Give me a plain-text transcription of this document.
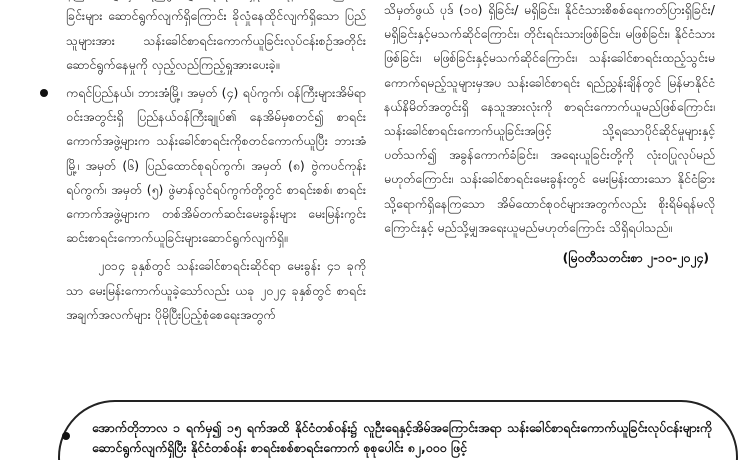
ခြင်းများ ဆောင်ရွက်လျက်ရှိကြောင်း ခိုလှုံနေထိုင်လျက်ရှိသော ပြည်သူများအား သန်းခေါင်စာရင်းကောက်ယူခြင်းလုပ်ငန်းစဉ်အတိုင်း ဆောင်ရွက်နေမှုကို လှည့်လည်ကြည့်ရှုအားပေးခဲ့။

ကရင်ပြည်နယ်၊ ဘားအံမြို့၊ အမှတ် (၄) ရပ်ကွက်၊ ဝန်ကြီးများအိမ်ရာဝင်းအတွင်းရှိ ပြည်နယ်ဝန်ကြီးချုပ်၏ နေအိမ်မှစတင်၍ စာရင်းကောက်အဖွဲ့များက သန်းခေါင်စာရင်းကိုစတင်ကောက်ယူပြီး ဘားအံမြို့၊ အမှတ် (၆) ပြည်ထောင်စုရပ်ကွက်၊ အမှတ် (၈) ဗွဲကပင်ကုန်းရပ်ကွက်၊ အမှတ် (၅) ဖွဲမာန်လွင်ရပ်ကွက်တို့တွင် စာရင်းစစ်၊ စာရင်းကောက်အဖွဲ့များက တစ်အိမ်တက်ဆင်းမေးခွန်းများ မေးမြန်းကွင်းဆင်းစာရင်းကောက်ယူခြင်းများဆောင်ရွက်လျက်ရှိ။

၂၀၁၄ ခုနှစ်တွင် သန်းခေါင်စာရင်းဆိုင်ရာ မေးခွန်း ၄၁ ခုကိုသာ မေးမြန်းကောက်ယူခဲ့သော်လည်း ယခု ၂၀၂၄ ခုနှစ်တွင် စာရင်းအချက်အလက်များ ပိုမိုပြီးပြည့်စုံစေရေးအတွက်

သိမှတ်ဖွယ် ပုဒ် (၁၀) ရှိခြင်း/ မရှိခြင်း၊ နိုင်ငံသားစိစစ်ရေးကတ်ပြားရှိခြင်း/ မရှိခြင်းနှင့်မသက်ဆိုင်ကြောင်း၊ တိုင်းရင်းသားဖြစ်ခြင်း၊ မဖြစ်ခြင်း၊ နိုင်ငံသားဖြစ်ခြင်း၊ မဖြစ်ခြင်းနှင့်မသက်ဆိုင်ကြောင်း၊ သန်းခေါင်စာရင်းထည့်သွင်းမကောက်ရမည့်သူများမှအပ သန်းခေါင်စာရင်း ရည်ညွှန်းချိန်တွင် မြန်မာနိုင်ငံနယ်နိမိတ်အတွင်းရှိ နေသူအားလုံးကို စာရင်းကောက်ယူမည်ဖြစ်ကြောင်း၊ သန်းခေါင်စာရင်းကောက်ယူခြင်းအဖြင့် သို့ရသောပိုင်ဆိုင်မှုများနှင့်ပတ်သက်၍ အခွန်ကောက်ခံခြင်း၊ အရေးယူခြင်းတို့ကို လုံးဝပြုလုပ်မည်မဟုတ်ကြောင်း၊ သန်းခေါင်စာရင်းမေးခွန်းတွင် မေးမြန်းထားသော နိုင်ငံခြားသို့ရောက်ရှိနေကြသော အိမ်ထောင်စုဝင်များအတွက်လည်း စိုးရိမ်ရန်မလိုကြောင်းနှင့် မည်သို့မျှအရေးယူမည်မဟုတ်ကြောင်း သိရှိရပါသည်။

(မြဝတီသတင်းစာ ၂-၁၀-၂၀၂၄)

အောက်တိုဘာလ ၁ ရက်မှ၍ ၁၅ ရက်အထိ နိုင်ငံတစ်ဝန်း၌ လူဦးရေနှင့်အိမ်အကြောင်းအရာ သန်းခေါင်စာရင်းကောက်ယူခြင်းလုပ်ငန်းများကို ဆောင်ရွက်လျက်ရှိပြီး နိုင်ငံတစ်ဝန်း စာရင်းစစ်စာရင်းကောက် စုစုပေါင်း ၈၂,၀၀၀ ဖြင့်
